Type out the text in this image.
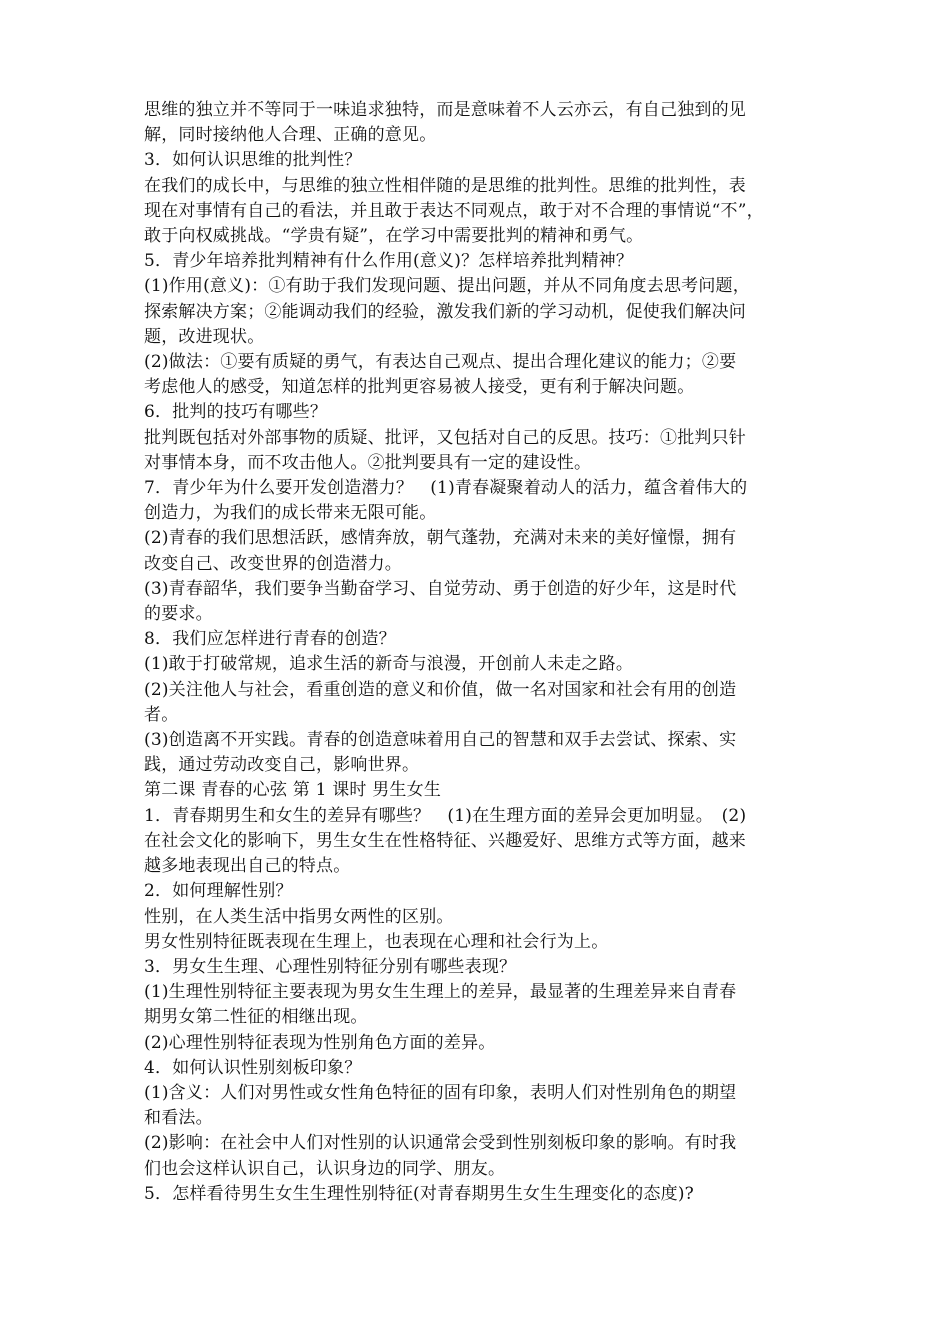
思维的独立并不等同于一味追求独特，而是意味着不人云亦云，有自己独到的见
解，同时接纳他人合理、正确的意见。
3．如何认识思维的批判性？
在我们的成长中，与思维的独立性相伴随的是思维的批判性。思维的批判性，表
现在对事情有自己的看法，并且敢于表达不同观点，敢于对不合理的事情说“不”，
敢于向权威挑战。“学贵有疑”，在学习中需要批判的精神和勇气。
5．青少年培养批判精神有什么作用(意义)？怎样培养批判精神？
(1)作用(意义)：①有助于我们发现问题、提出问题，并从不同角度去思考问题，
探索解决方案；②能调动我们的经验，激发我们新的学习动机，促使我们解决问
题，改进现状。
(2)做法：①要有质疑的勇气，有表达自己观点、提出合理化建议的能力；②要
考虑他人的感受，知道怎样的批判更容易被人接受，更有利于解决问题。
6．批判的技巧有哪些？
批判既包括对外部事物的质疑、批评，又包括对自己的反思。技巧：①批判只针
对事情本身，而不攻击他人。②批判要具有一定的建设性。
7．青少年为什么要开发创造潜力？　(1)青春凝聚着动人的活力，蕴含着伟大的
创造力，为我们的成长带来无限可能。
(2)青春的我们思想活跃，感情奔放，朝气蓬勃，充满对未来的美好憧憬，拥有
改变自己、改变世界的创造潜力。
(3)青春韶华，我们要争当勤奋学习、自觉劳动、勇于创造的好少年，这是时代
的要求。
8．我们应怎样进行青春的创造？
(1)敢于打破常规，追求生活的新奇与浪漫，开创前人未走之路。
(2)关注他人与社会，看重创造的意义和价值，做一名对国家和社会有用的创造
者。
(3)创造离不开实践。青春的创造意味着用自己的智慧和双手去尝试、探索、实
践，通过劳动改变自己，影响世界。
第二课 青春的心弦 第 1 课时 男生女生
1．青春期男生和女生的差异有哪些？　(1)在生理方面的差异会更加明显。　(2)
在社会文化的影响下，男生女生在性格特征、兴趣爱好、思维方式等方面，越来
越多地表现出自己的特点。
2．如何理解性别？
性别，在人类生活中指男女两性的区别。
男女性别特征既表现在生理上，也表现在心理和社会行为上。
3．男女生生理、心理性别特征分别有哪些表现？
(1)生理性别特征主要表现为男女生生理上的差异，最显著的生理差异来自青春
期男女第二性征的相继出现。
(2)心理性别特征表现为性别角色方面的差异。
4．如何认识性别刻板印象？
(1)含义：人们对男性或女性角色特征的固有印象，表明人们对性别角色的期望
和看法。
(2)影响：在社会中人们对性别的认识通常会受到性别刻板印象的影响。有时我
们也会这样认识自己，认识身边的同学、朋友。
5．怎样看待男生女生生理性别特征(对青春期男生女生生理变化的态度)?
